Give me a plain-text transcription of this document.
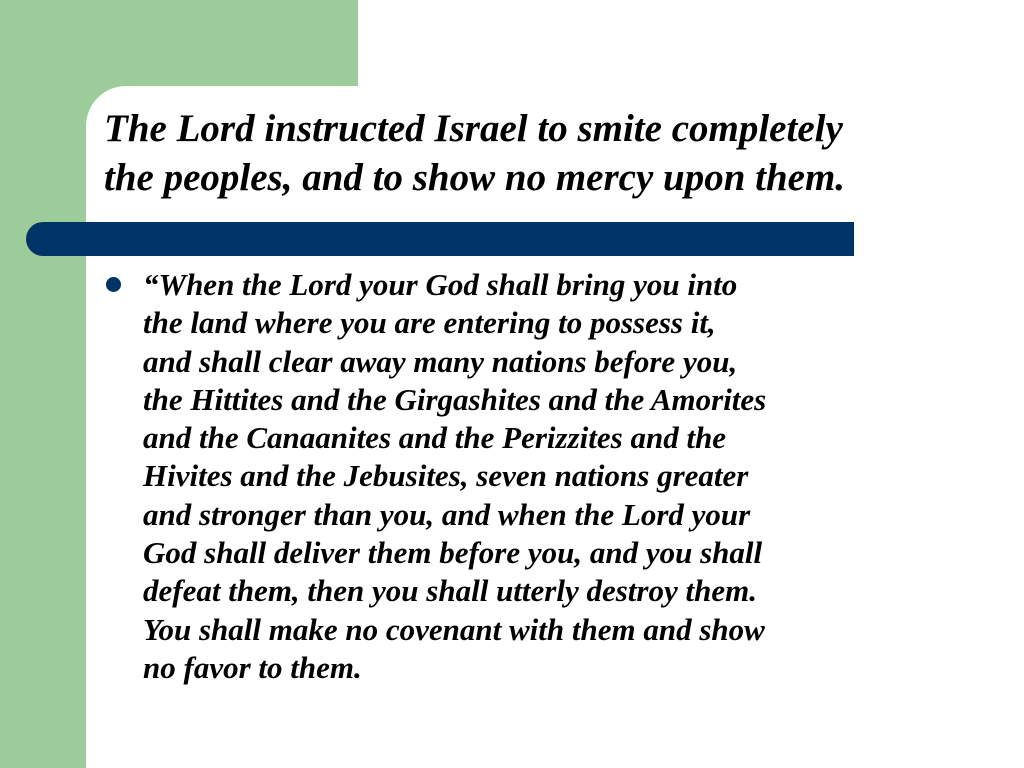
The Lord instructed Israel to smite completely
the peoples, and to show no mercy upon them.

“When the Lord your God shall bring you into
the land where you are entering to possess it,
and shall clear away many nations before you,
the Hittites and the Girgashites and the Amorites
and the Canaanites and the Perizzites and the
Hivites and the Jebusites, seven nations greater
and stronger than you, and when the Lord your
God shall deliver them before you, and you shall
defeat them, then you shall utterly destroy them.
You shall make no covenant with them and show
no favor to them.
